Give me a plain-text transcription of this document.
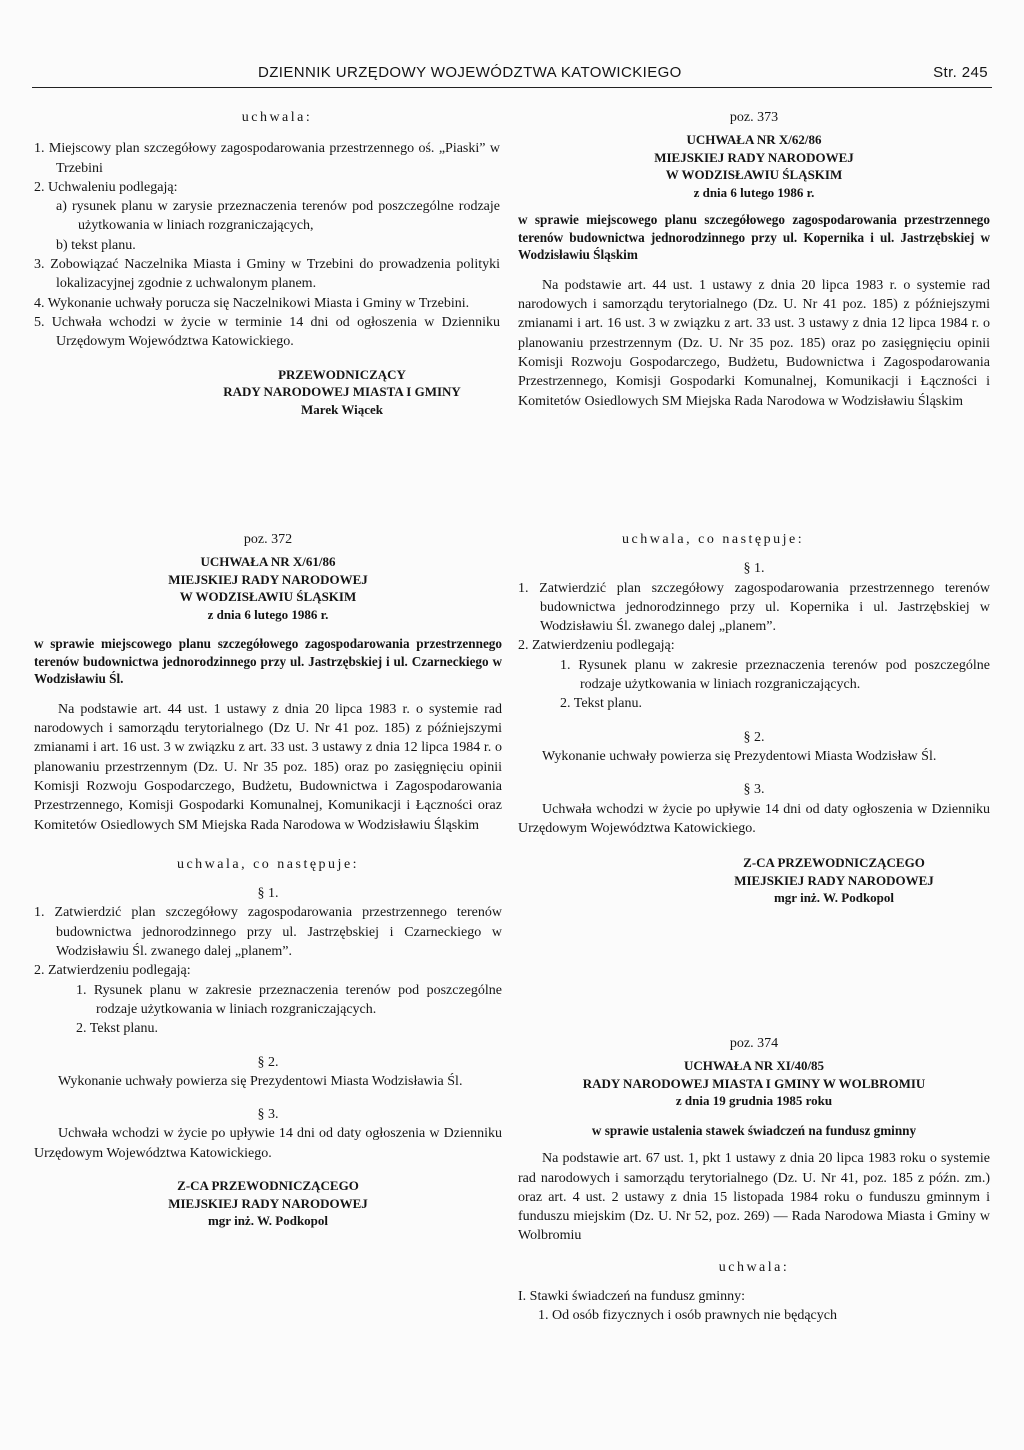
DZIENNIK URZĘDOWY WOJEWÓDZTWA KATOWICKIEGO	Str. 245

uchwala:

1. Miejscowy plan szczegółowy zagospodarowania przestrzennego oś. „Piaski” w Trzebini

2. Uchwaleniu podlegają:

a) rysunek planu w zarysie przeznaczenia terenów pod poszczególne rodzaje użytkowania w liniach rozgraniczających,

b) tekst planu.

3. Zobowiązać Naczelnika Miasta i Gminy w Trzebini do prowadzenia polityki lokalizacyjnej zgodnie z uchwalonym planem.

4. Wykonanie uchwały porucza się Naczelnikowi Miasta i Gminy w Trzebini.

5. Uchwała wchodzi w życie w terminie 14 dni od ogłoszenia w Dzienniku Urzędowym Województwa Katowickiego.

PRZEWODNICZĄCY

RADY NARODOWEJ MIASTA I GMINY

Marek Wiącek

poz. 373

UCHWAŁA NR X/62/86

MIEJSKIEJ RADY NARODOWEJ

W WODZISŁAWIU ŚLĄSKIM

z dnia 6 lutego 1986 r.

w sprawie miejscowego planu szczegółowego zagospodarowania przestrzennego terenów budownictwa jednorodzinnego przy ul. Kopernika i ul. Jastrzębskiej w Wodzisławiu Śląskim

Na podstawie art. 44 ust. 1 ustawy z dnia 20 lipca 1983 r. o systemie rad narodowych i samorządu terytorialnego (Dz. U. Nr 41 poz. 185) z późniejszymi zmianami i art. 16 ust. 3 w związku z art. 33 ust. 3 ustawy z dnia 12 lipca 1984 r. o planowaniu przestrzennym (Dz. U. Nr 35 poz. 185) oraz po zasięgnięciu opinii Komisji Rozwoju Gospodarczego, Budżetu, Budownictwa i Zagospodarowania Przestrzennego, Komisji Gospodarki Komunalnej, Komunikacji i Łączności i Komitetów Osiedlowych SM Miejska Rada Narodowa w Wodzisławiu Śląskim

uchwala, co następuje:

§ 1.

1. Zatwierdzić plan szczegółowy zagospodarowania przestrzennego terenów budownictwa jednorodzinnego przy ul. Kopernika i ul. Jastrzębskiej w Wodzisławiu Śl. zwanego dalej „planem”.

2. Zatwierdzeniu podlegają:

1. Rysunek planu w zakresie przeznaczenia terenów pod poszczególne rodzaje użytkowania w liniach rozgraniczających.

2. Tekst planu.

§ 2.

Wykonanie uchwały powierza się Prezydentowi Miasta Wodzisław Śl.

§ 3.

Uchwała wchodzi w życie po upływie 14 dni od daty ogłoszenia w Dzienniku Urzędowym Województwa Katowickiego.

Z-CA PRZEWODNICZĄCEGO

MIEJSKIEJ RADY NARODOWEJ

mgr inż. W. Podkopol

poz. 372

UCHWAŁA NR X/61/86

MIEJSKIEJ RADY NARODOWEJ

W WODZISŁAWIU ŚLĄSKIM

z dnia 6 lutego 1986 r.

w sprawie miejscowego planu szczegółowego zagospodarowania przestrzennego terenów budownictwa jednorodzinnego przy ul. Jastrzębskiej i ul. Czarneckiego w Wodzisławiu Śl.

Na podstawie art. 44 ust. 1 ustawy z dnia 20 lipca 1983 r. o systemie rad narodowych i samorządu terytorialnego (Dz U. Nr 41 poz. 185) z późniejszymi zmianami i art. 16 ust. 3 w związku z art. 33 ust. 3 ustawy z dnia 12 lipca 1984 r. o planowaniu przestrzennym (Dz. U. Nr 35 poz. 185) oraz po zasięgnięciu opinii Komisji Rozwoju Gospodarczego, Budżetu, Budownictwa i Zagospodarowania Przestrzennego, Komisji Gospodarki Komunalnej, Komunikacji i Łączności oraz Komitetów Osiedlowych SM Miejska Rada Narodowa w Wodzisławiu Śląskim

uchwala, co następuje:

§ 1.

1. Zatwierdzić plan szczegółowy zagospodarowania przestrzennego terenów budownictwa jednorodzinnego przy ul. Jastrzębskiej i Czarneckiego w Wodzisławiu Śl. zwanego dalej „planem”.

2. Zatwierdzeniu podlegają:

1. Rysunek planu w zakresie przeznaczenia terenów pod poszczególne rodzaje użytkowania w liniach rozgraniczających.

2. Tekst planu.

§ 2.

Wykonanie uchwały powierza się Prezydentowi Miasta Wodzisławia Śl.

§ 3.

Uchwała wchodzi w życie po upływie 14 dni od daty ogłoszenia w Dzienniku Urzędowym Województwa Katowickiego.

Z-CA PRZEWODNICZĄCEGO

MIEJSKIEJ RADY NARODOWEJ

mgr inż. W. Podkopol

poz. 374

UCHWAŁA NR XI/40/85

RADY NARODOWEJ MIASTA I GMINY W WOLBROMIU

z dnia 19 grudnia 1985 roku

w sprawie ustalenia stawek świadczeń na fundusz gminny

Na podstawie art. 67 ust. 1, pkt 1 ustawy z dnia 20 lipca 1983 roku o systemie rad narodowych i samorządu terytorialnego (Dz. U. Nr 41, poz. 185 z późn. zm.) oraz art. 4 ust. 2 ustawy z dnia 15 listopada 1984 roku o funduszu gminnym i funduszu miejskim (Dz. U. Nr 52, poz. 269) — Rada Narodowa Miasta i Gminy w Wolbromiu

uchwala:

I. Stawki świadczeń na fundusz gminny:

1. Od osób fizycznych i osób prawnych nie będących
